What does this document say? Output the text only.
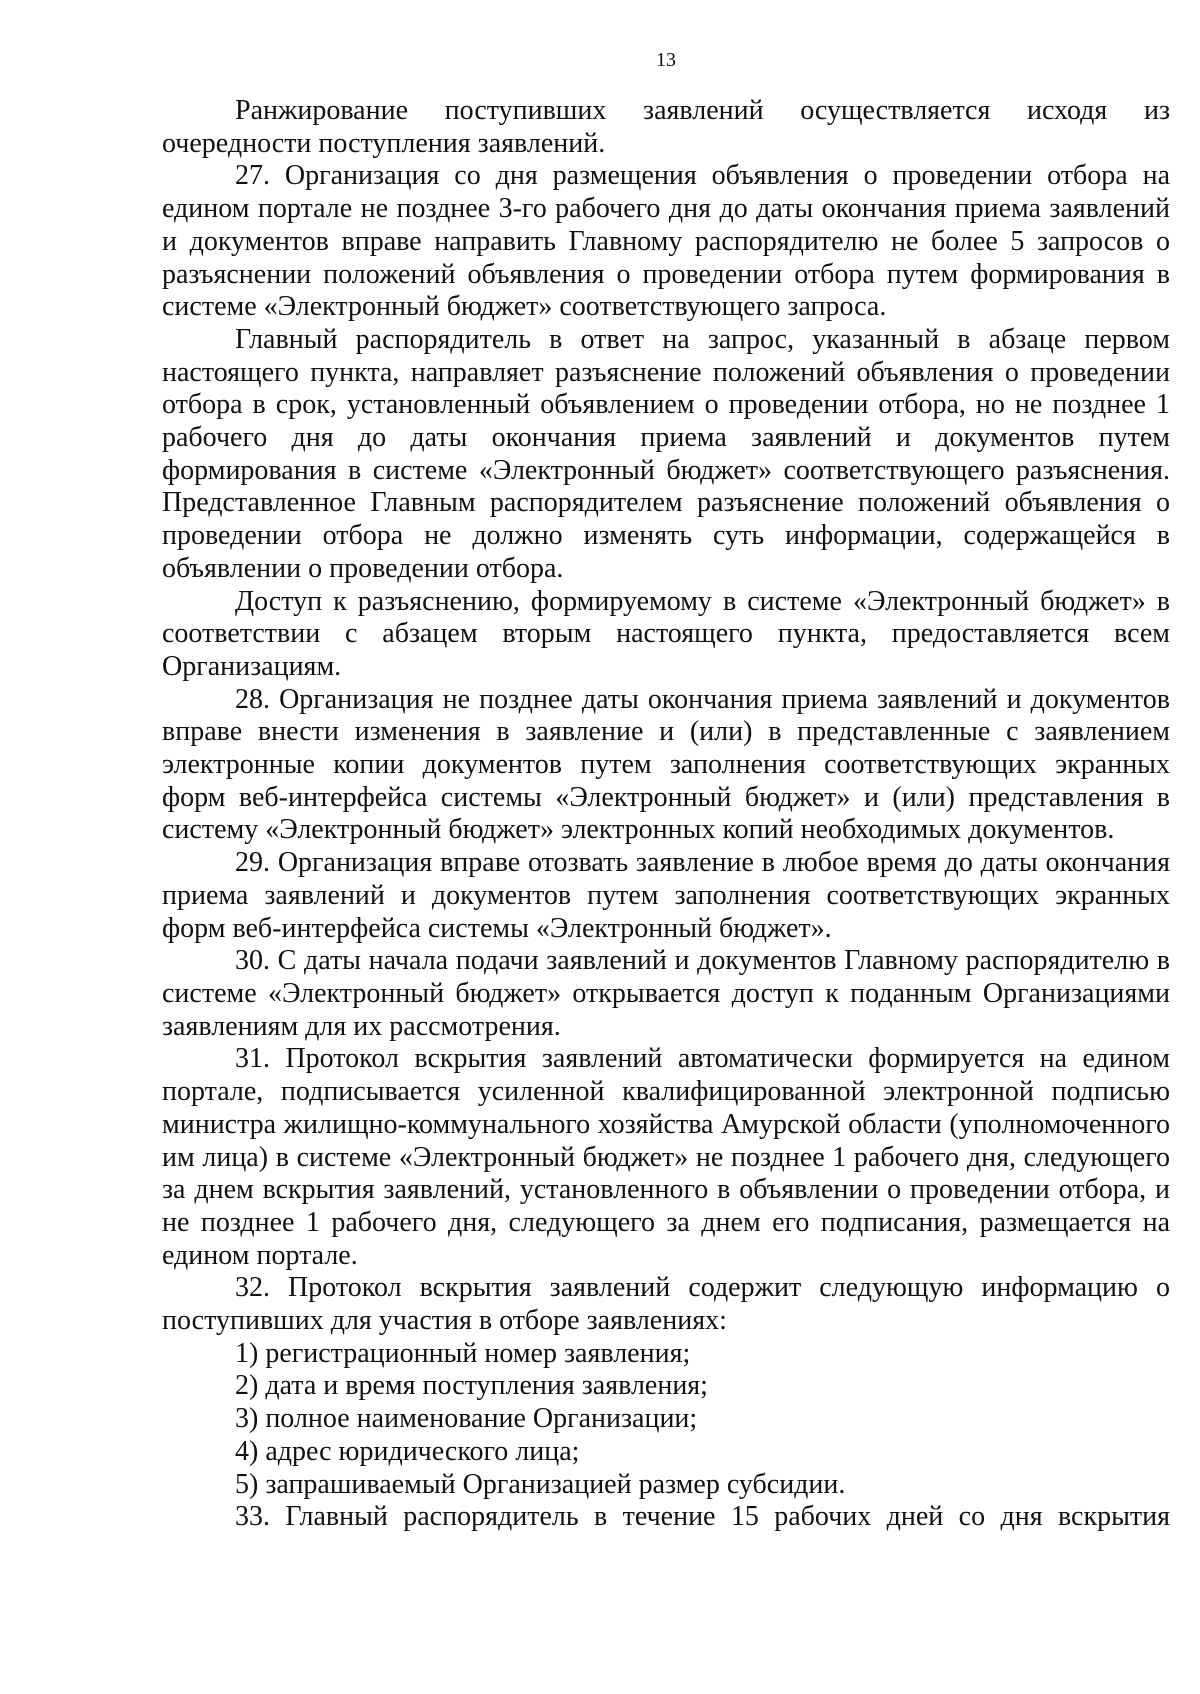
13

Ранжирование поступивших заявлений осуществляется исходя из очередности поступления заявлений.

27. Организация со дня размещения объявления о проведении отбора на едином портале не позднее 3-го рабочего дня до даты окончания приема заявлений и документов вправе направить Главному распорядителю не более 5 запросов о разъяснении положений объявления о проведении отбора путем формирования в системе «Электронный бюджет» соответствующего запроса.

Главный распорядитель в ответ на запрос, указанный в абзаце первом настоящего пункта, направляет разъяснение положений объявления о проведении отбора в срок, установленный объявлением о проведении отбора, но не позднее 1 рабочего дня до даты окончания приема заявлений и документов путем формирования в системе «Электронный бюджет» соответствующего разъяснения. Представленное Главным распорядителем разъяснение положений объявления о проведении отбора не должно изменять суть информации, содержащейся в объявлении о проведении отбора.

Доступ к разъяснению, формируемому в системе «Электронный бюджет» в соответствии с абзацем вторым настоящего пункта, предоставляется всем Организациям.

28. Организация не позднее даты окончания приема заявлений и документов вправе внести изменения в заявление и (или) в представленные с заявлением электронные копии документов путем заполнения соответствующих экранных форм веб-интерфейса системы «Электронный бюджет» и (или) представления в систему «Электронный бюджет» электронных копий необходимых документов.

29. Организация вправе отозвать заявление в любое время до даты окончания приема заявлений и документов путем заполнения соответствующих экранных форм веб-интерфейса системы «Электронный бюджет».

30. С даты начала подачи заявлений и документов Главному распорядителю в системе «Электронный бюджет» открывается доступ к поданным Организациями заявлениям для их рассмотрения.

31. Протокол вскрытия заявлений автоматически формируется на едином портале, подписывается усиленной квалифицированной электронной подписью министра жилищно-коммунального хозяйства Амурской области (уполномоченного им лица) в системе «Электронный бюджет» не позднее 1 рабочего дня, следующего за днем вскрытия заявлений, установленного в объявлении о проведении отбора, и не позднее 1 рабочего дня, следующего за днем его подписания, размещается на едином портале.

32. Протокол вскрытия заявлений содержит следующую информацию о поступивших для участия в отборе заявлениях:

1) регистрационный номер заявления;

2) дата и время поступления заявления;

3) полное наименование Организации;

4) адрес юридического лица;

5) запрашиваемый Организацией размер субсидии.

33. Главный распорядитель в течение 15 рабочих дней со дня вскрытия
